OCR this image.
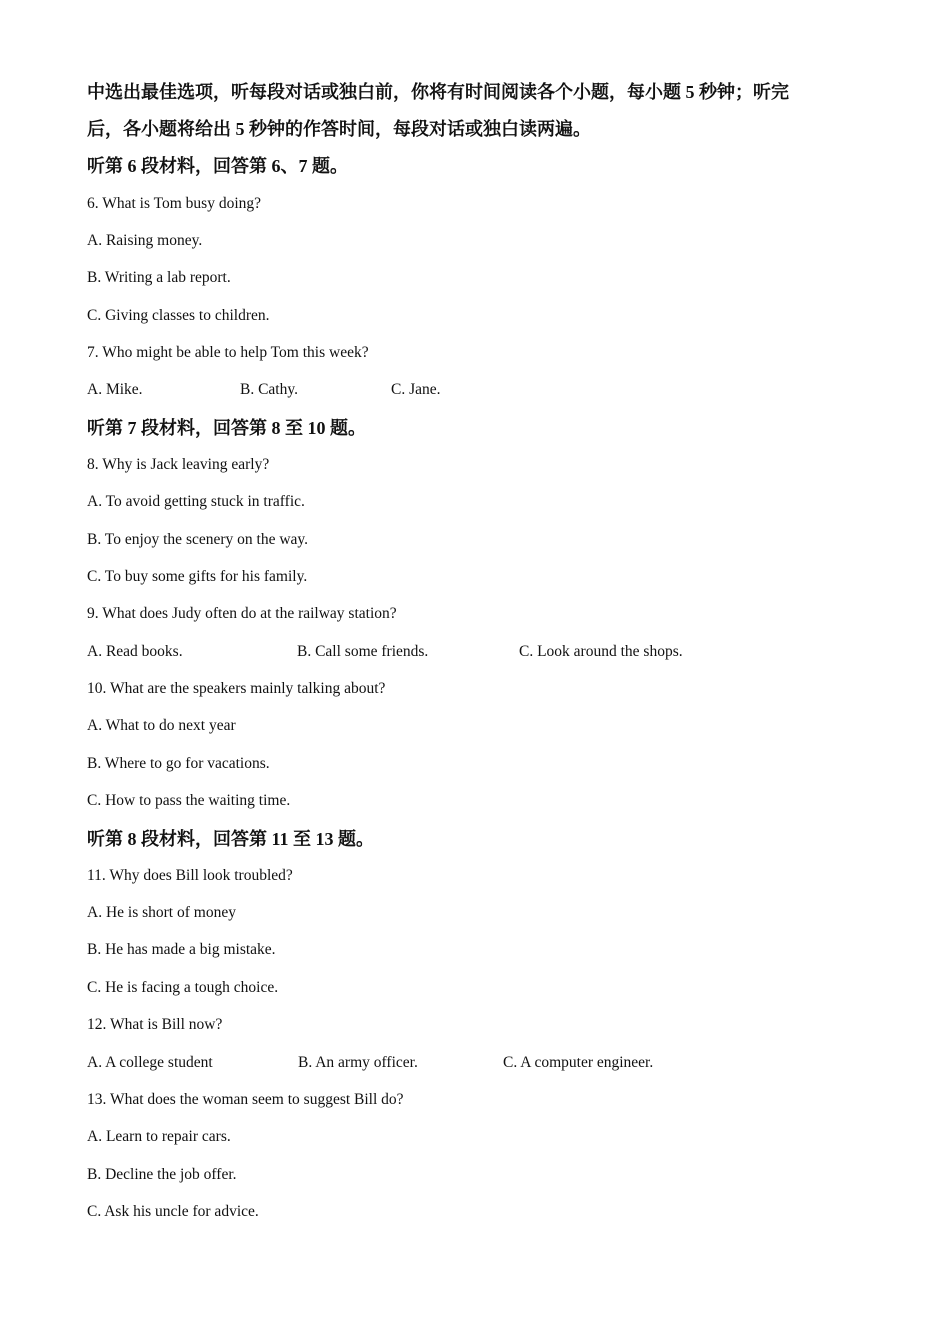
中选出最佳选项，听每段对话或独白前，你将有时间阅读各个小题，每小题 5 秒钟；听完
后，各小题将给出 5 秒钟的作答时间，每段对话或独白读两遍。
听第 6 段材料，回答第 6、7 题。
6. What is Tom busy doing?
A. Raising money.
B. Writing a lab report.
C. Giving classes to children.
7. Who might be able to help Tom this week?
A. Mike.	B. Cathy.	C. Jane.
听第 7 段材料，回答第 8 至 10 题。
8. Why is Jack leaving early?
A. To avoid getting stuck in traffic.
B. To enjoy the scenery on the way.
C. To buy some gifts for his family.
9. What does Judy often do at the railway station?
A. Read books.	B. Call some friends.	C. Look around the shops.
10. What are the speakers mainly talking about?
A. What to do next year
B. Where to go for vacations.
C. How to pass the waiting time.
听第 8 段材料，回答第 11 至 13 题。
11. Why does Bill look troubled?
A. He is short of money
B. He has made a big mistake.
C. He is facing a tough choice.
12. What is Bill now?
A. A college student	B. An army officer.	C. A computer engineer.
13. What does the woman seem to suggest Bill do?
A. Learn to repair cars.
B. Decline the job offer.
C. Ask his uncle for advice.
